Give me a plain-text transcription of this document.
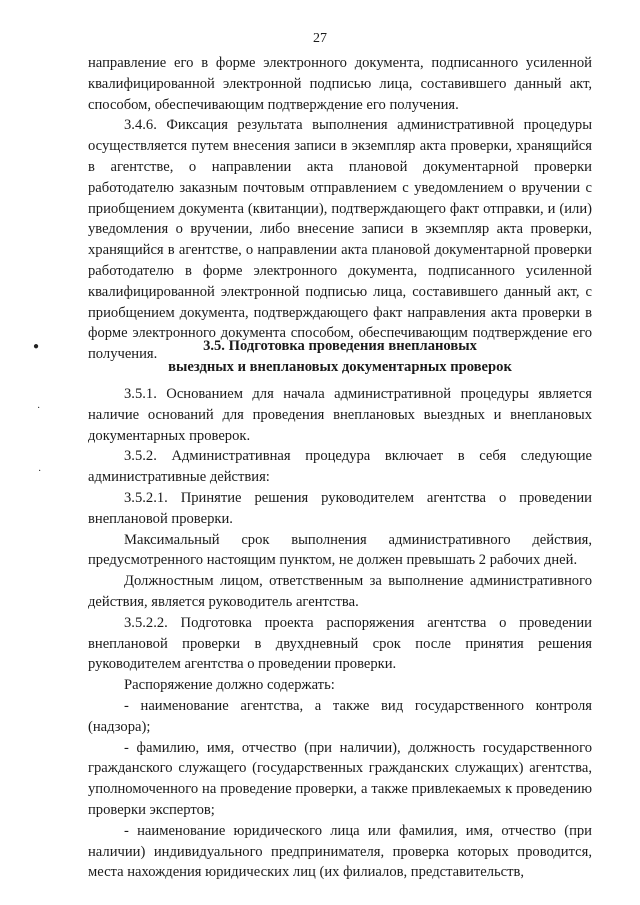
27

направление его в форме электронного документа, подписанного усиленной квалифицированной электронной подписью лица, составившего данный акт, способом, обеспечивающим подтверждение его получения.

3.4.6. Фиксация результата выполнения административной процедуры осуществляется путем внесения записи в экземпляр акта проверки, хранящийся в агентстве, о направлении акта плановой документарной проверки работодателю заказным почтовым отправлением с уведомлением о вручении с приобщением документа (квитанции), подтверждающего факт отправки, и (или) уведомления о вручении, либо внесение записи в экземпляр акта проверки, хранящийся в агентстве, о направлении акта плановой документарной проверки работодателю в форме электронного документа, подписанного усиленной квалифицированной электронной подписью лица, составившего данный акт, с приобщением документа, подтверждающего факт направления акта проверки в форме электронного документа способом, обеспечивающим подтверждение его получения.

3.5. Подготовка проведения внеплановых
выездных и внеплановых документарных проверок

3.5.1. Основанием для начала административной процедуры является наличие оснований для проведения внеплановых выездных и внеплановых документарных проверок.

3.5.2. Административная процедура включает в себя следующие административные действия:

3.5.2.1. Принятие решения руководителем агентства о проведении внеплановой проверки.

Максимальный срок выполнения административного действия, предусмотренного настоящим пунктом, не должен превышать 2 рабочих дней.

Должностным лицом, ответственным за выполнение административного действия, является руководитель агентства.

3.5.2.2. Подготовка проекта распоряжения агентства о проведении внеплановой проверки в двухдневный срок после принятия решения руководителем агентства о проведении проверки.

Распоряжение должно содержать:

- наименование агентства, а также вид государственного контроля (надзора);

- фамилию, имя, отчество (при наличии), должность государственного гражданского служащего (государственных гражданских служащих) агентства, уполномоченного на проведение проверки, а также привлекаемых к проведению проверки экспертов;

- наименование юридического лица или фамилия, имя, отчество (при наличии) индивидуального предпринимателя, проверка которых проводится, места нахождения юридических лиц (их филиалов, представительств,

●
·
·
